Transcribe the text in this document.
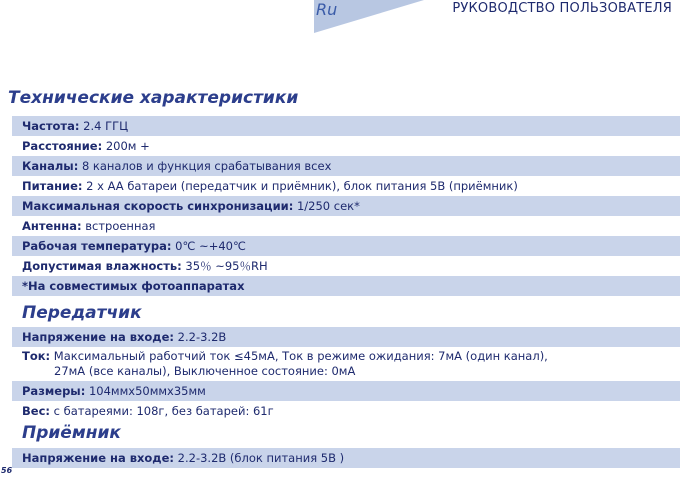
Ru	РУКОВОДСТВО ПОЛЬЗОВАТЕЛЯ
Технические характеристики
Частота: 2.4 ГГЦ
Расстояние: 200м +
Каналы: 8 каналов и функция срабатывания всех
Питание: 2 x AA батареи (передатчик и приёмник), блок питания 5В (приёмник)
Максимальная скорость синхронизации: 1/250 сек*
Антенна: встроенная
Рабочая температура: 0℃ ~+40℃
Допустимая влажность: 35％ ~95％RH
*На совместимых фотоаппаратах
Передатчик
Напряжение на входе: 2.2-3.2В
Ток: Максимальный работчий ток ≤45мА, Ток в режиме ожидания: 7мА (один канал),
27мА (все каналы), Выключенное состояние: 0мА
Размеры: 104ммx50ммx35мм
Вес: с батареями: 108г, без батарей: 61г
Приёмник
Напряжение на входе: 2.2-3.2В (блок питания 5В )
56
